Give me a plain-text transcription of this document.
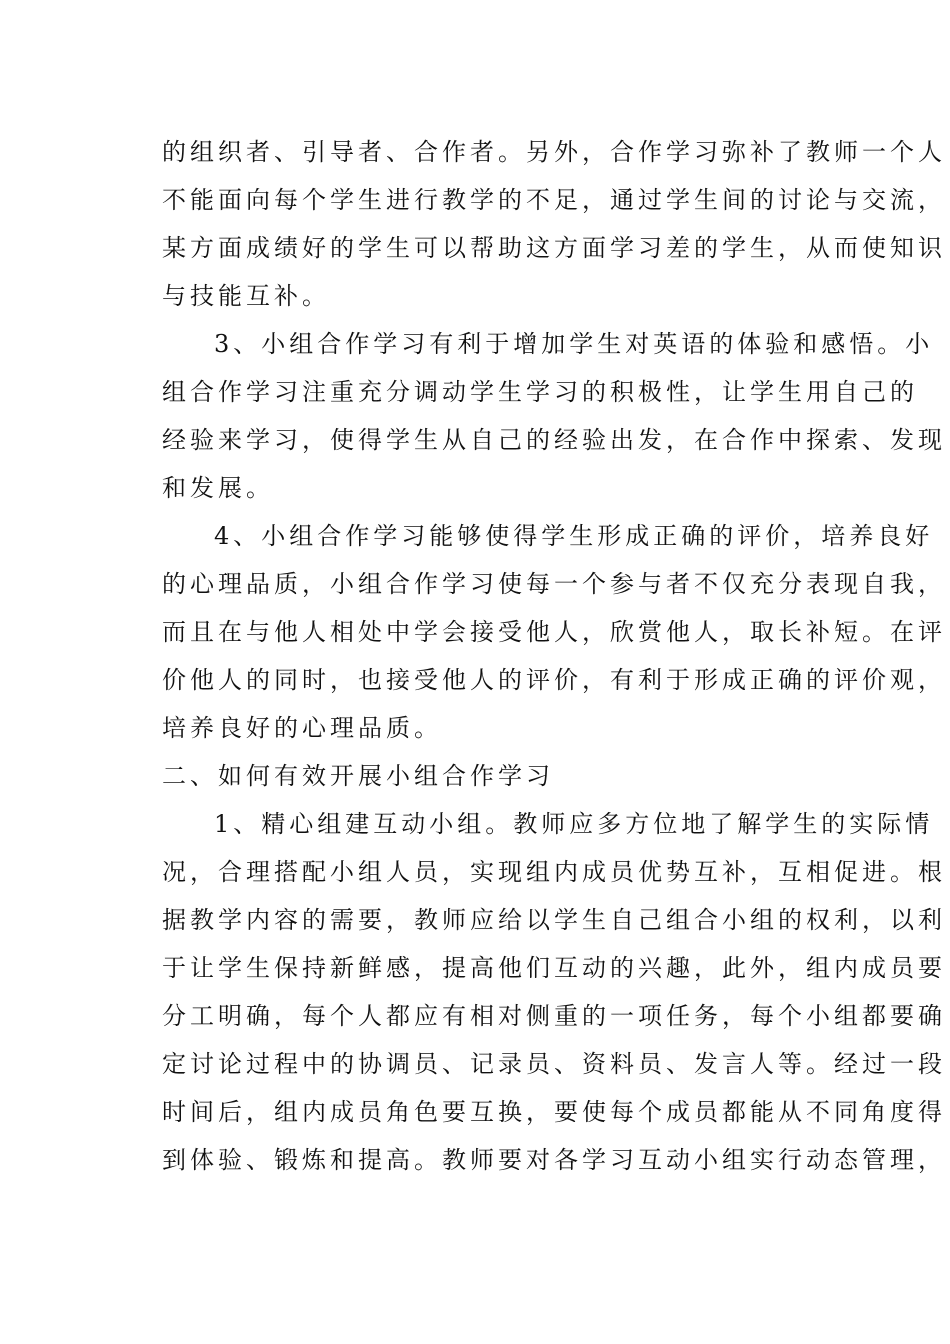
的组织者、引导者、合作者。另外，合作学习弥补了教师一个人
不能面向每个学生进行教学的不足，通过学生间的讨论与交流，
某方面成绩好的学生可以帮助这方面学习差的学生，从而使知识
与技能互补。
3、小组合作学习有利于增加学生对英语的体验和感悟。小
组合作学习注重充分调动学生学习的积极性，让学生用自己的
经验来学习，使得学生从自己的经验出发，在合作中探索、发现
和发展。
4、小组合作学习能够使得学生形成正确的评价，培养良好
的心理品质，小组合作学习使每一个参与者不仅充分表现自我，
而且在与他人相处中学会接受他人，欣赏他人，取长补短。在评
价他人的同时，也接受他人的评价，有利于形成正确的评价观，
培养良好的心理品质。
二、如何有效开展小组合作学习
1、精心组建互动小组。教师应多方位地了解学生的实际情
况，合理搭配小组人员，实现组内成员优势互补，互相促进。根
据教学内容的需要，教师应给以学生自己组合小组的权利，以利
于让学生保持新鲜感，提高他们互动的兴趣，此外，组内成员要
分工明确，每个人都应有相对侧重的一项任务，每个小组都要确
定讨论过程中的协调员、记录员、资料员、发言人等。经过一段
时间后，组内成员角色要互换，要使每个成员都能从不同角度得
到体验、锻炼和提高。教师要对各学习互动小组实行动态管理，
